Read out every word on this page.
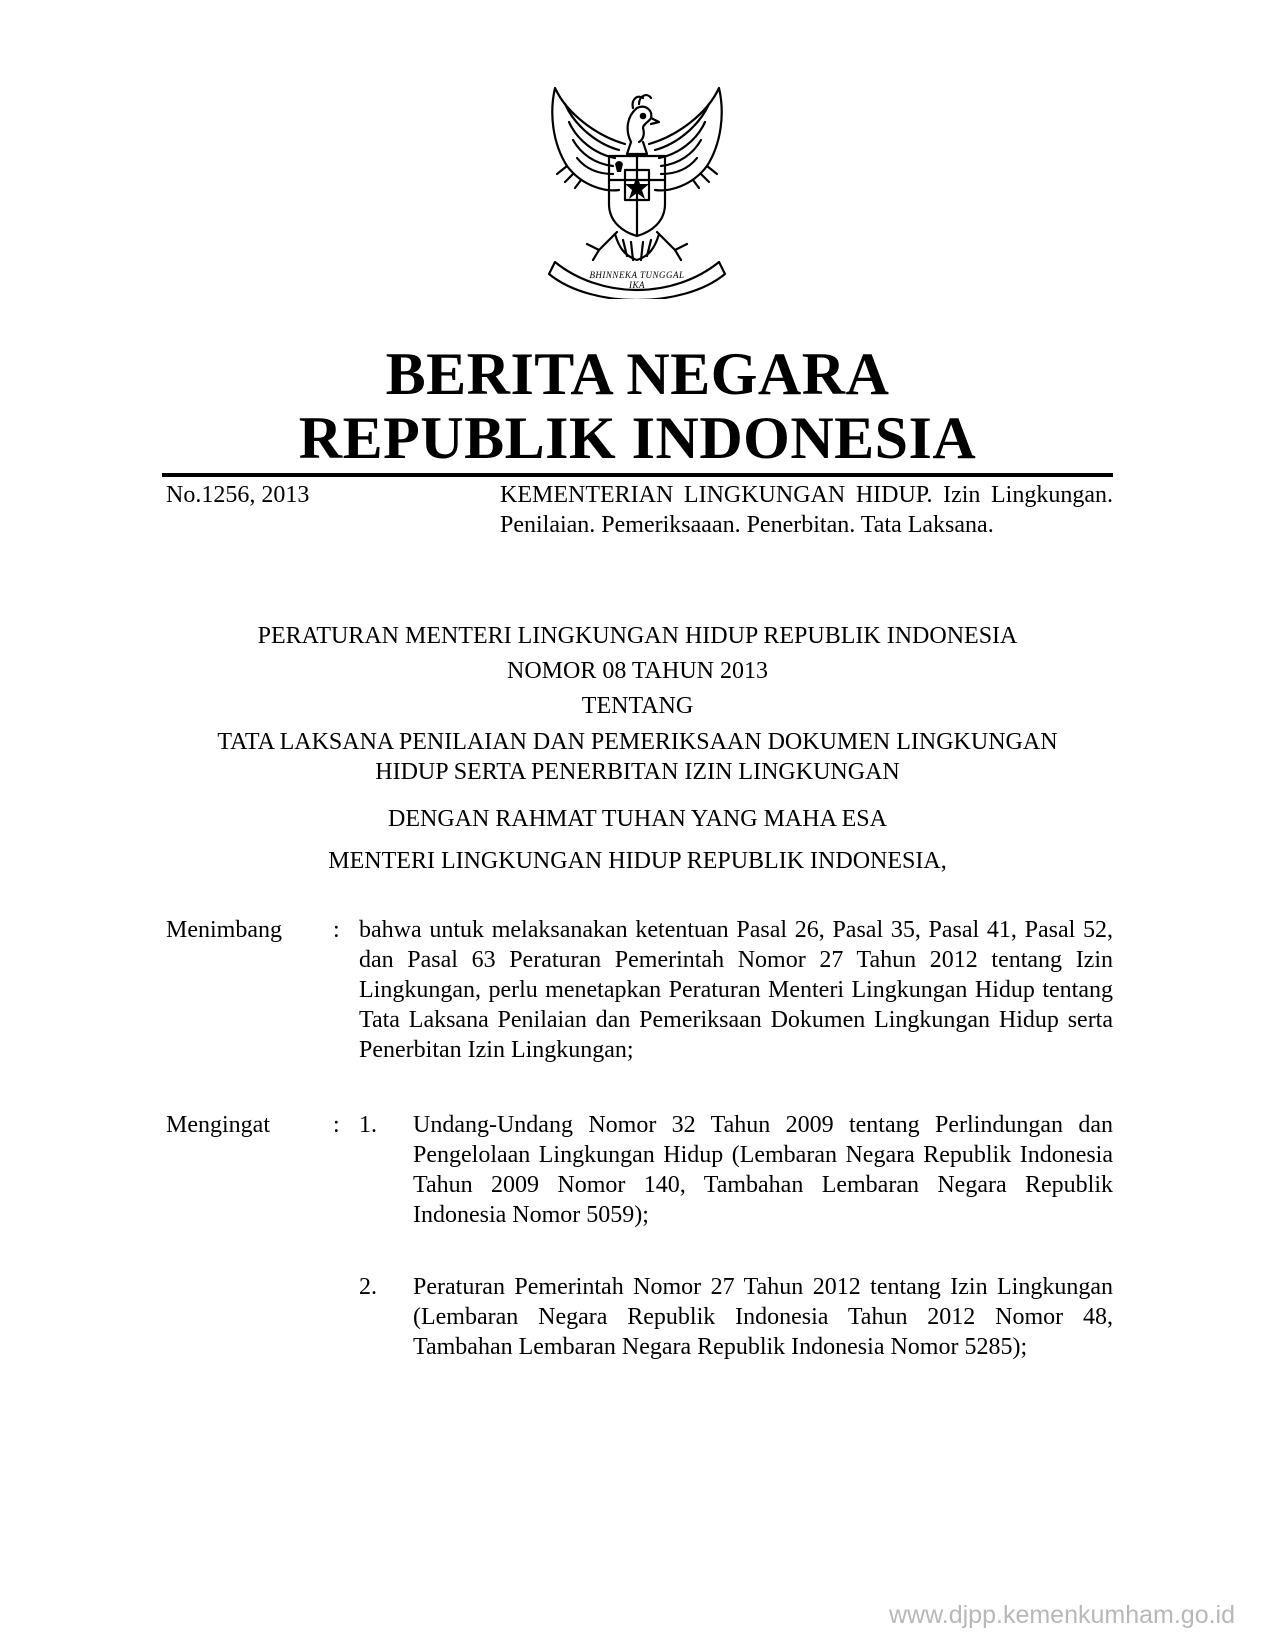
BHINNEKA TUNGGAL IKA
BERITA NEGARA
REPUBLIK INDONESIA
No.1256, 2013	KEMENTERIAN LINGKUNGAN HIDUP. Izin Lingkungan. Penilaian. Pemeriksaaan. Penerbitan. Tata Laksana.
PERATURAN MENTERI LINGKUNGAN HIDUP REPUBLIK INDONESIA
NOMOR 08 TAHUN 2013
TENTANG
TATA LAKSANA PENILAIAN DAN PEMERIKSAAN DOKUMEN LINGKUNGAN
HIDUP SERTA PENERBITAN IZIN LINGKUNGAN
DENGAN RAHMAT TUHAN YANG MAHA ESA
MENTERI LINGKUNGAN HIDUP REPUBLIK INDONESIA,
Menimbang : bahwa untuk melaksanakan ketentuan Pasal 26, Pasal 35, Pasal 41, Pasal 52, dan Pasal 63 Peraturan Pemerintah Nomor 27 Tahun 2012 tentang Izin Lingkungan, perlu menetapkan Peraturan Menteri Lingkungan Hidup tentang Tata Laksana Penilaian dan Pemeriksaan Dokumen Lingkungan Hidup serta Penerbitan Izin Lingkungan;
Mengingat	: 1. Undang-Undang Nomor 32 Tahun 2009 tentang Perlindungan dan Pengelolaan Lingkungan Hidup (Lembaran Negara Republik Indonesia Tahun 2009 Nomor 140, Tambahan Lembaran Negara Republik Indonesia Nomor 5059);
2. Peraturan Pemerintah Nomor 27 Tahun 2012 tentang Izin Lingkungan (Lembaran Negara Republik Indonesia Tahun 2012 Nomor 48, Tambahan Lembaran Negara Republik Indonesia Nomor 5285);
www.djpp.kemenkumham.go.id
